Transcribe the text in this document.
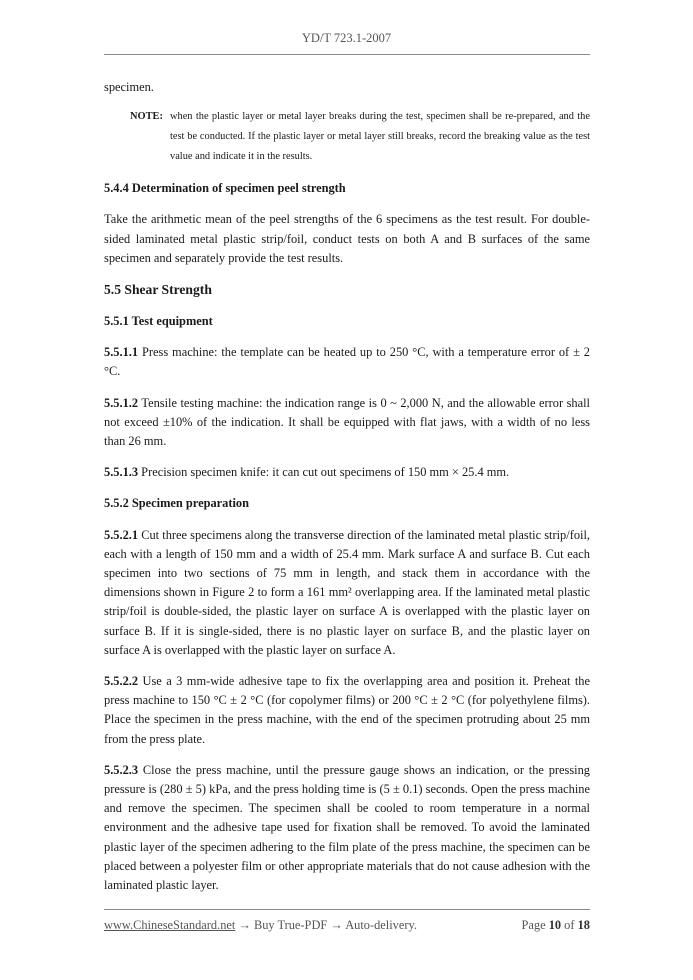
YD/T 723.1-2007

specimen.

NOTE: when the plastic layer or metal layer breaks during the test, specimen shall be re-prepared, and the test be conducted. If the plastic layer or metal layer still breaks, record the breaking value as the test value and indicate it in the results.
5.4.4 Determination of specimen peel strength

Take the arithmetic mean of the peel strengths of the 6 specimens as the test result. For double-sided laminated metal plastic strip/foil, conduct tests on both A and B surfaces of the same specimen and separately provide the test results.

5.5 Shear Strength
5.5.1 Test equipment

5.5.1.1 Press machine: the template can be heated up to 250 °C, with a temperature error of ± 2 °C.

5.5.1.2 Tensile testing machine: the indication range is 0 ~ 2,000 N, and the allowable error shall not exceed ±10% of the indication. It shall be equipped with flat jaws, with a width of no less than 26 mm.

5.5.1.3 Precision specimen knife: it can cut out specimens of 150 mm × 25.4 mm.

5.5.2 Specimen preparation

5.5.2.1 Cut three specimens along the transverse direction of the laminated metal plastic strip/foil, each with a length of 150 mm and a width of 25.4 mm. Mark surface A and surface B. Cut each specimen into two sections of 75 mm in length, and stack them in accordance with the dimensions shown in Figure 2 to form a 161 mm² overlapping area. If the laminated metal plastic strip/foil is double-sided, the plastic layer on surface A is overlapped with the plastic layer on surface B. If it is single-sided, there is no plastic layer on surface B, and the plastic layer on surface A is overlapped with the plastic layer on surface A.

5.5.2.2 Use a 3 mm-wide adhesive tape to fix the overlapping area and position it. Preheat the press machine to 150 °C ± 2 °C (for copolymer films) or 200 °C ± 2 °C (for polyethylene films). Place the specimen in the press machine, with the end of the specimen protruding about 25 mm from the press plate.

5.5.2.3 Close the press machine, until the pressure gauge shows an indication, or the pressing pressure is (280 ± 5) kPa, and the press holding time is (5 ± 0.1) seconds. Open the press machine and remove the specimen. The specimen shall be cooled to room temperature in a normal environment and the adhesive tape used for fixation shall be removed. To avoid the laminated plastic layer of the specimen adhering to the film plate of the press machine, the specimen can be placed between a polyester film or other appropriate materials that do not cause adhesion with the laminated plastic layer.

www.ChineseStandard.net → Buy True-PDF → Auto-delivery.	Page 10 of 18
